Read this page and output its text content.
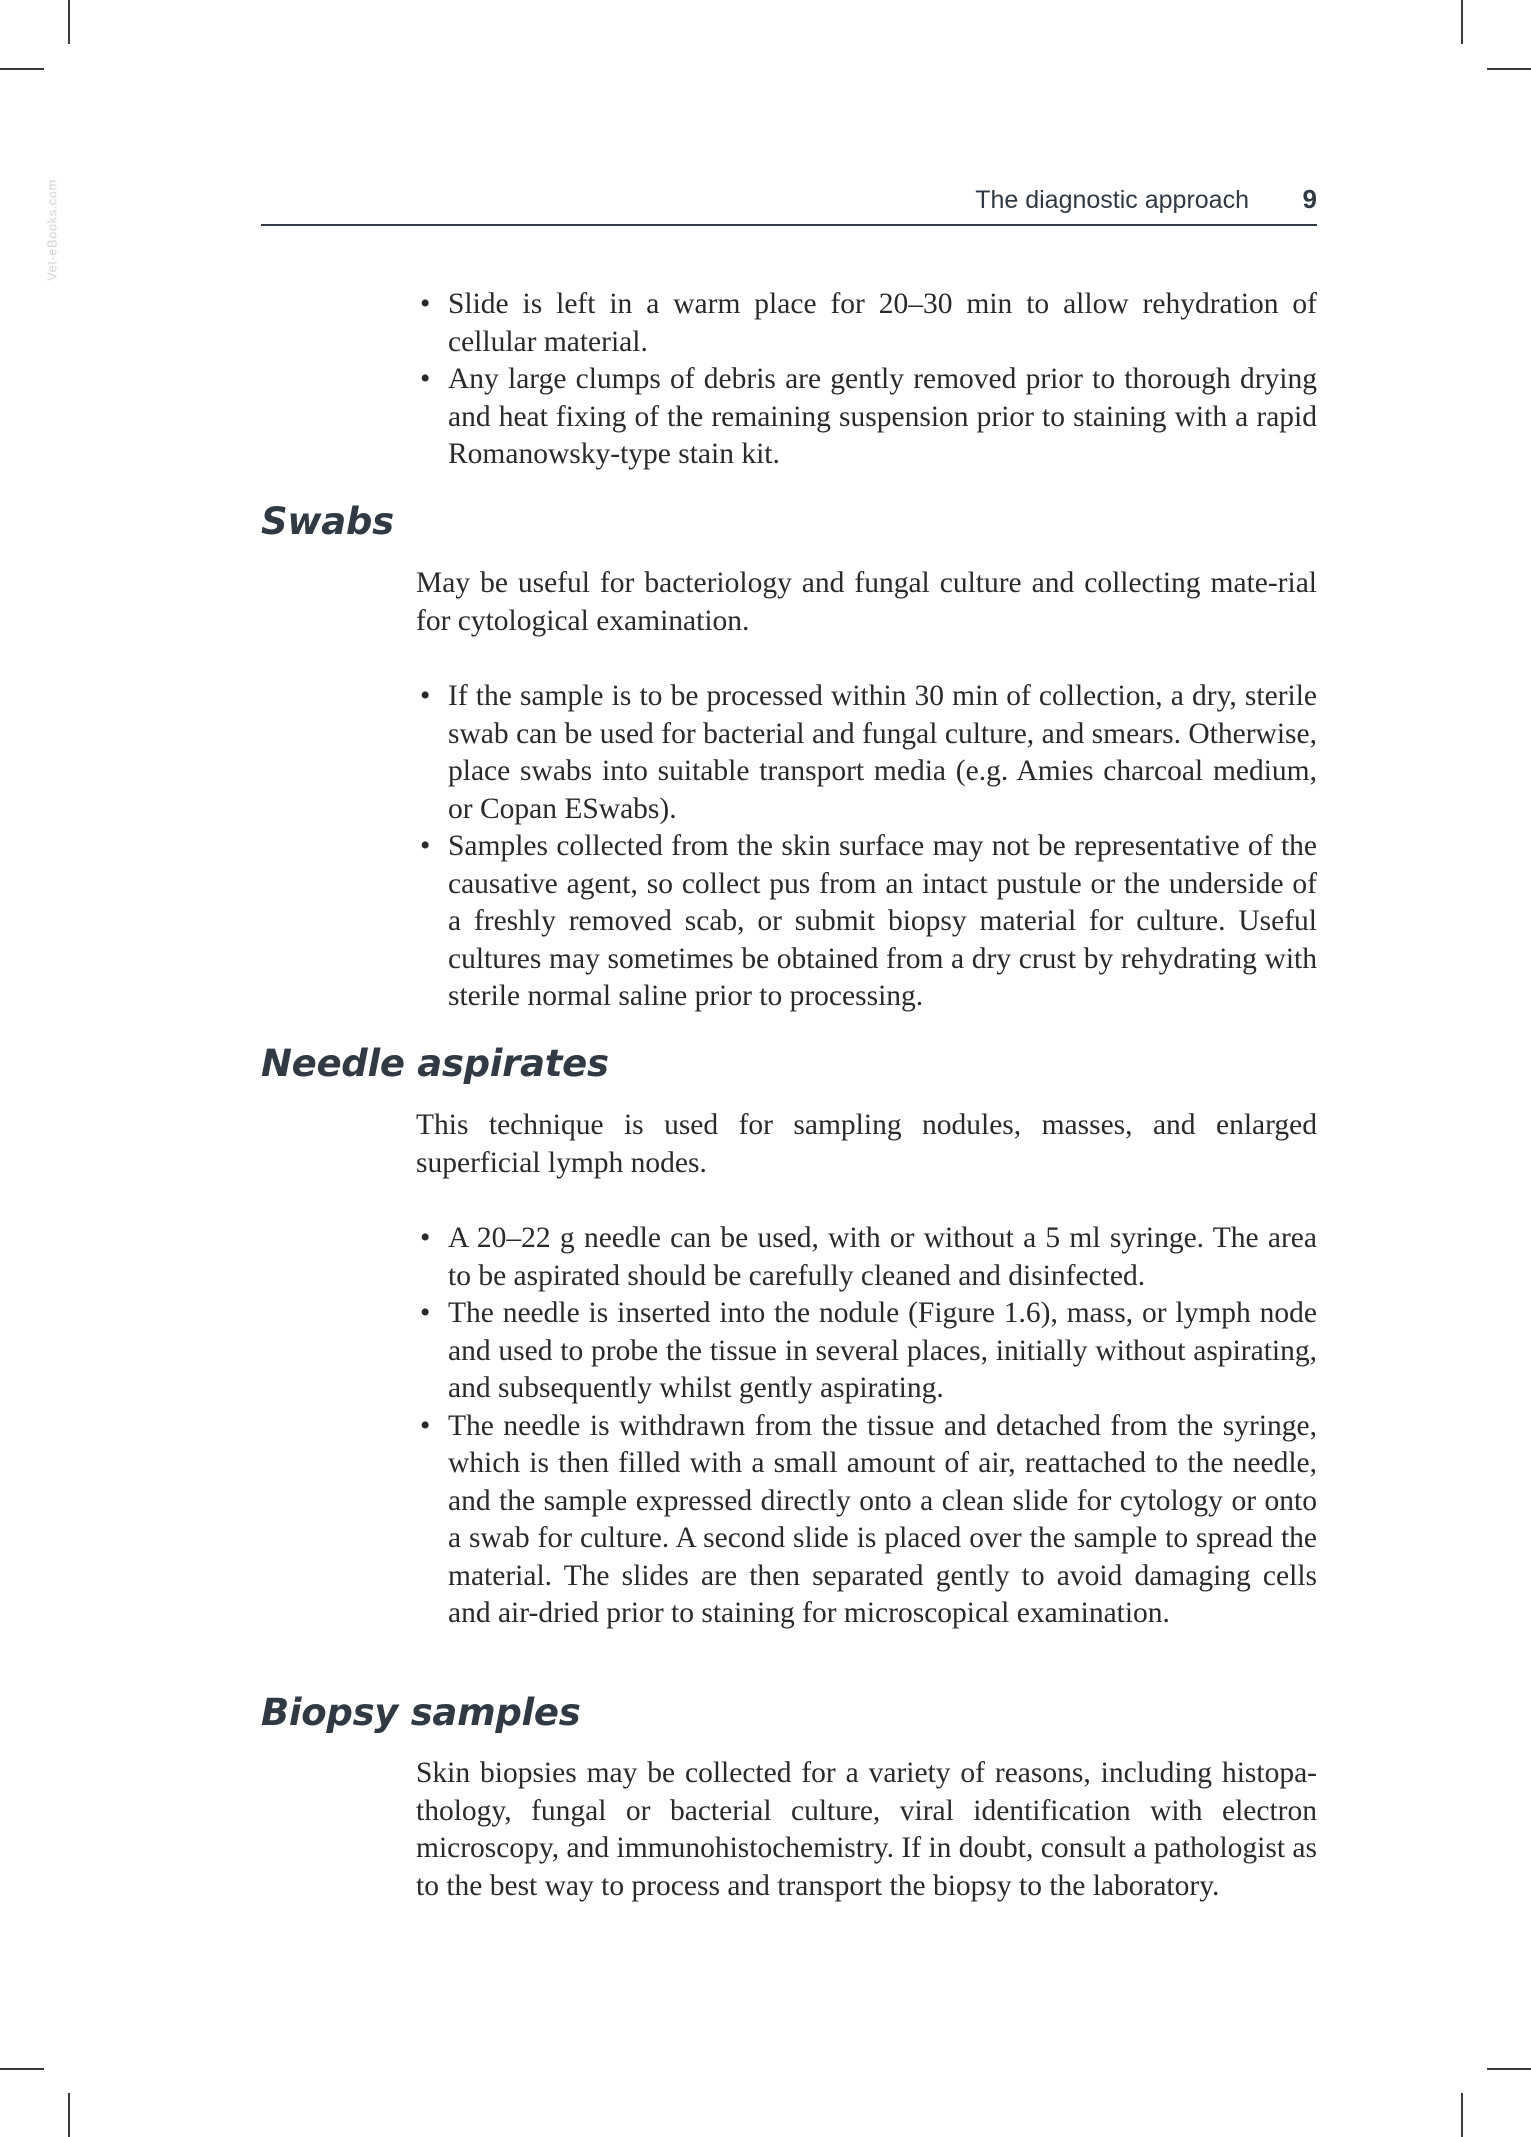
Vet-eBooks.com	The diagnostic approach 9
• Slide is left in a warm place for 20–30 min to allow rehydration of cellular material.
• Any large clumps of debris are gently removed prior to thorough drying and heat fixing of the remaining suspension prior to staining with a rapid Romanowsky-type stain kit.
Swabs

May be useful for bacteriology and fungal culture and collecting mate-rial for cytological examination.

• If the sample is to be processed within 30 min of collection, a dry, sterile swab can be used for bacterial and fungal culture, and smears. Otherwise, place swabs into suitable transport media (e.g. Amies charcoal medium, or Copan ESwabs).
• Samples collected from the skin surface may not be representative of the causative agent, so collect pus from an intact pustule or the underside of a freshly removed scab, or submit biopsy material for culture. Useful cultures may sometimes be obtained from a dry crust by rehydrating with sterile normal saline prior to processing.
Needle aspirates

This technique is used for sampling nodules, masses, and enlarged superficial lymph nodes.

• A 20–22 g needle can be used, with or without a 5 ml syringe. The area to be aspirated should be carefully cleaned and disinfected.
• The needle is inserted into the nodule (Figure 1.6), mass, or lymph node and used to probe the tissue in several places, initially without aspirating, and subsequently whilst gently aspirating.
• The needle is withdrawn from the tissue and detached from the syringe, which is then filled with a small amount of air, reattached to the needle, and the sample expressed directly onto a clean slide for cytology or onto a swab for culture. A second slide is placed over the sample to spread the material. The slides are then separated gently to avoid damaging cells and air-dried prior to staining for microscopical examination.
Biopsy samples

Skin biopsies may be collected for a variety of reasons, including histopa-thology, fungal or bacterial culture, viral identification with electron microscopy, and immunohistochemistry. If in doubt, consult a pathologist as to the best way to process and transport the biopsy to the laboratory.
